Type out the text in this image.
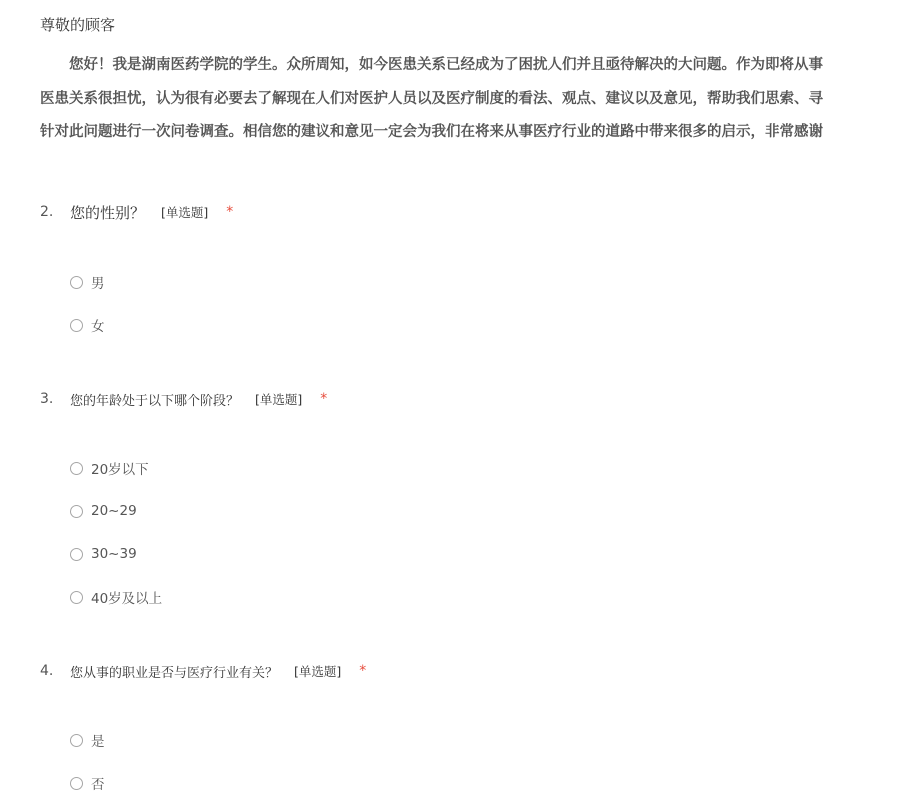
尊敬的顾客
您好！我是湖南医药学院的学生。众所周知，如今医患关系已经成为了困扰人们并且亟待解决的大问题。作为即将从事
医患关系很担忧，认为很有必要去了解现在人们对医护人员以及医疗制度的看法、观点、建议以及意见，帮助我们思索、寻
针对此问题进行一次问卷调查。相信您的建议和意见一定会为我们在将来从事医疗行业的道路中带来很多的启示，非常感谢
2.	您的性别？ [单选题] *
男
女
3.	您的年龄处于以下哪个阶段？ [单选题] *
20岁以下
20~29
30~39
40岁及以上
4.	您从事的职业是否与医疗行业有关？ [单选题] *
是
否
